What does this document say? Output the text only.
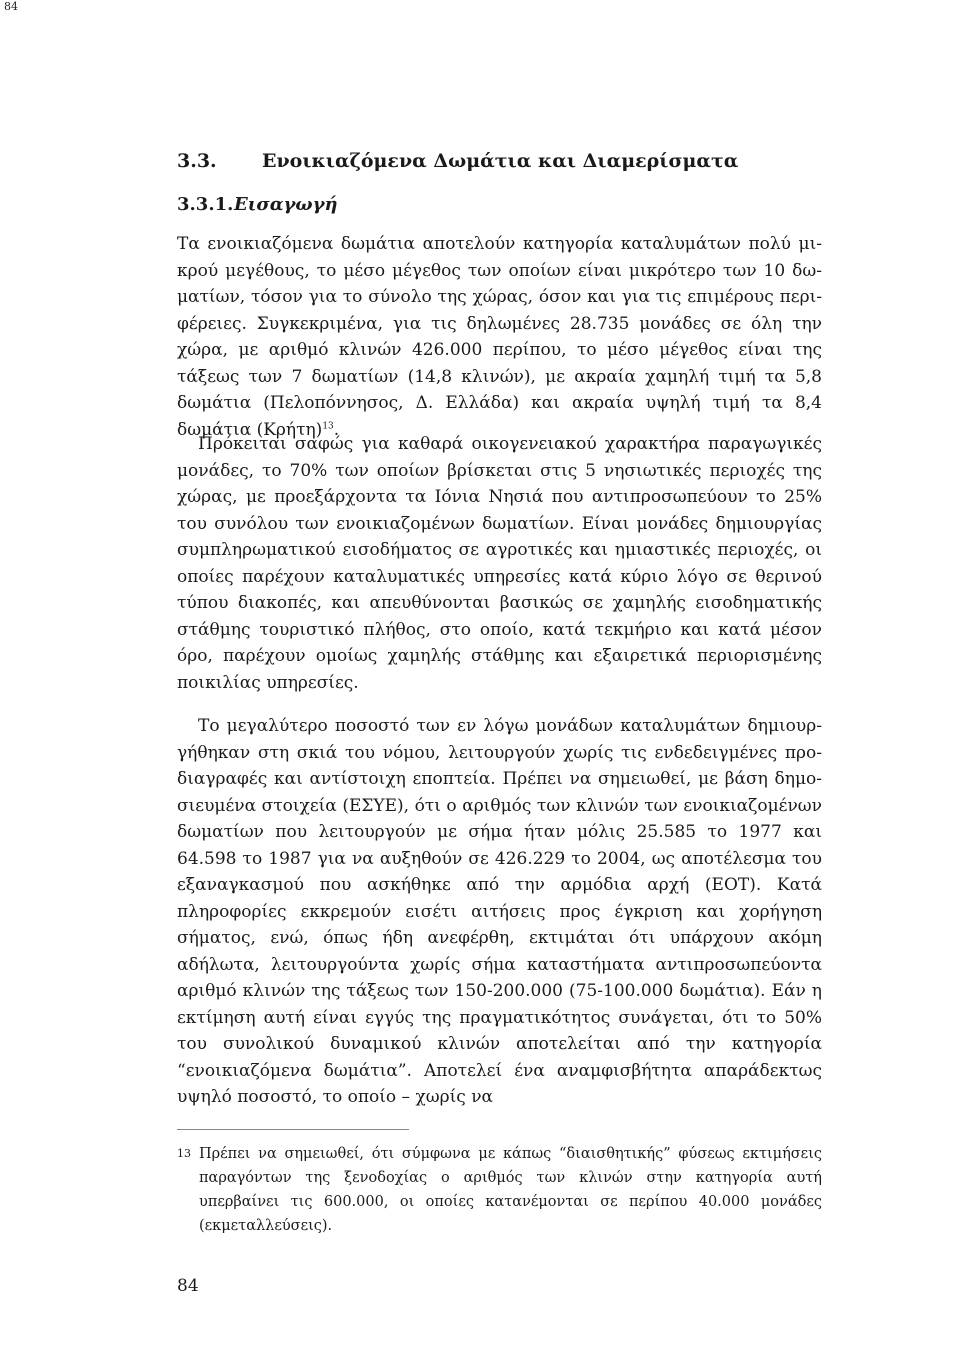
84
3.3. Ενοικιαζόμενα Δωμάτια και Διαμερίσματα
3.3.1.Εισαγωγή

Τα ενοικιαζόμενα δωμάτια αποτελούν κατηγορία καταλυμάτων πολύ μικρού μεγέθους, το μέσο μέγεθος των οποίων είναι μικρότερο των 10 δωματίων, τόσον για το σύνολο της χώρας, όσον και για τις επιμέρους περιφέρειες. Συγκεκριμένα, για τις δηλωμένες 28.735 μονάδες σε όλη την χώρα, με αριθμό κλινών 426.000 περίπου, το μέσο μέγεθος είναι της τάξεως των 7 δωματίων (14,8 κλινών), με ακραία χαμηλή τιμή τα 5,8 δωμάτια (Πελοπόννησος, Δ. Ελλάδα) και ακραία υψηλή τιμή τα 8,4 δωμάτια (Κρήτη)$^{13}$.

Πρόκειται σαφώς για καθαρά οικογενειακού χαρακτήρα παραγωγικές μονάδες, το 70% των οποίων βρίσκεται στις 5 νησιωτικές περιοχές της χώρας, με προεξάρχοντα τα Ιόνια Νησιά που αντιπροσωπεύουν το 25% του συνόλου των ενοικιαζομένων δωματίων. Είναι μονάδες δημιουργίας συμπληρωματικού εισοδήματος σε αγροτικές και ημιαστικές περιοχές, οι οποίες παρέχουν καταλυματικές υπηρεσίες κατά κύριο λόγο σε θερινού τύπου διακοπές, και απευθύνονται βασικώς σε χαμηλής εισοδηματικής στάθμης τουριστικό πλήθος, στο οποίο, κατά τεκμήριο και κατά μέσον όρο, παρέχουν ομοίως χαμηλής στάθμης και εξαιρετικά περιορισμένης ποικιλίας υπηρεσίες.

Το μεγαλύτερο ποσοστό των εν λόγω μονάδων καταλυμάτων δημιουργήθηκαν στη σκιά του νόμου, λειτουργούν χωρίς τις ενδεδειγμένες προδιαγραφές και αντίστοιχη εποπτεία. Πρέπει να σημειωθεί, με βάση δημοσιευμένα στοιχεία (ΕΣΥΕ), ότι ο αριθμός των κλινών των ενοικιαζομένων δωματίων που λειτουργούν με σήμα ήταν μόλις 25.585 το 1977 και 64.598 το 1987 για να αυξηθούν σε 426.229 το 2004, ως αποτέλεσμα του εξαναγκασμού που ασκήθηκε από την αρμόδια αρχή (ΕΟΤ). Κατά πληροφορίες εκκρεμούν εισέτι αιτήσεις προς έγκριση και χορήγηση σήματος, ενώ, όπως ήδη ανεφέρθη, εκτιμάται ότι υπάρχουν ακόμη αδήλωτα, λειτουργούντα χωρίς σήμα καταστήματα αντιπροσωπεύοντα αριθμό κλινών της τάξεως των 150-200.000 (75-100.000 δωμάτια). Εάν η εκτίμηση αυτή είναι εγγύς της πραγματικότητος συνάγεται, ότι το 50% του συνολικού δυναμικού κλινών αποτελείται από την κατηγορία “ενοικιαζόμενα δωμάτια”. Αποτελεί ένα αναμφισβήτητα απαράδεκτως υψηλό ποσοστό, το οποίο – χωρίς να

13 Πρέπει να σημειωθεί, ότι σύμφωνα με κάπως “διαισθητικής” φύσεως εκτιμήσεις παραγόντων της ξενοδοχίας ο αριθμός των κλινών στην κατηγορία αυτή υπερβαίνει τις 600.000, οι οποίες κατανέμονται σε περίπου 40.000 μονάδες (εκμεταλλεύσεις).
84
